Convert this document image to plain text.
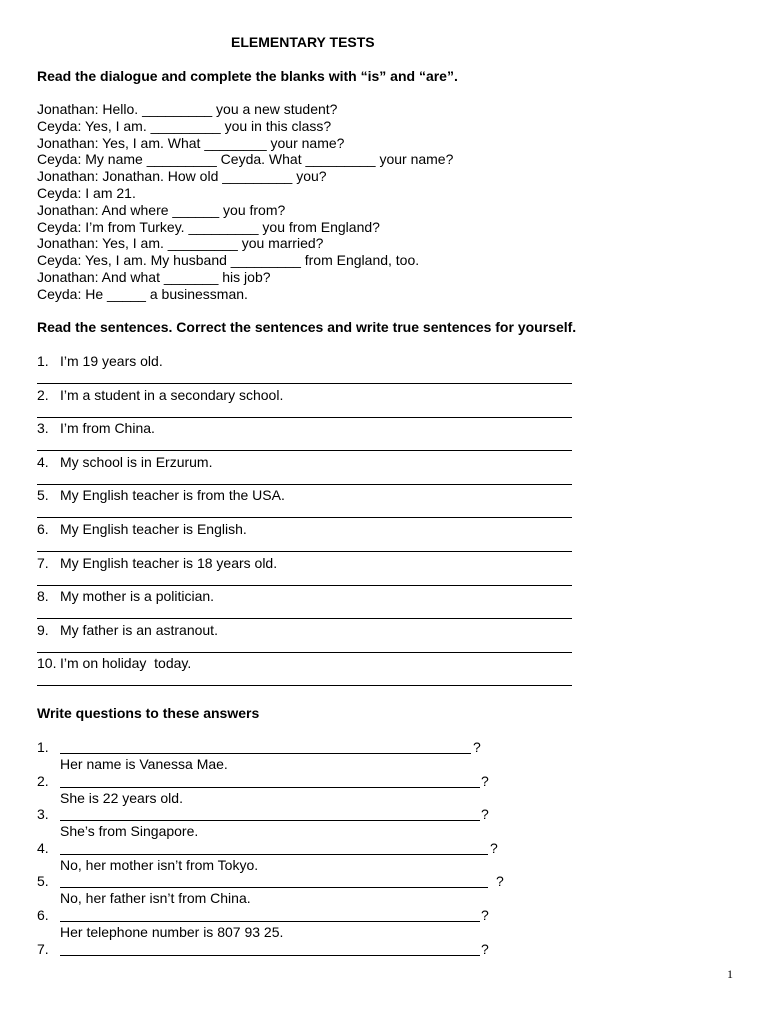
ELEMENTARY TESTS
Read the dialogue and complete the blanks with “is” and “are”.
Jonathan: Hello. _________ you a new student?
Ceyda: Yes, I am. _________ you in this class?
Jonathan: Yes, I am. What ________ your name?
Ceyda: My name _________ Ceyda. What _________ your name?
Jonathan: Jonathan. How old _________ you?
Ceyda: I am 21.
Jonathan: And where ______ you from?
Ceyda: I’m from Turkey. _________ you from England?
Jonathan: Yes, I am. _________ you married?
Ceyda: Yes, I am. My husband _________ from England, too.
Jonathan: And what _______ his job?
Ceyda: He _____ a businessman.
Read the sentences. Correct the sentences and write true sentences for yourself.
1. I’m 19 years old.
2. I’m a student in a secondary school.
3. I’m from China.
4. My school is in Erzurum.
5. My English teacher is from the USA.
6. My English teacher is English.
7. My English teacher is 18 years old.
8. My mother is a politician.
9. My father is an astranout.
10. I’m on holiday  today.
Write questions to these answers
1.	?
Her name is Vanessa Mae.
2.	?
She is 22 years old.
3.	?
She’s from Singapore.
4.	?
No, her mother isn’t from Tokyo.
5.	?
No, her father isn’t from China.
6.	?
Her telephone number is 807 93 25.
7.	?
1
